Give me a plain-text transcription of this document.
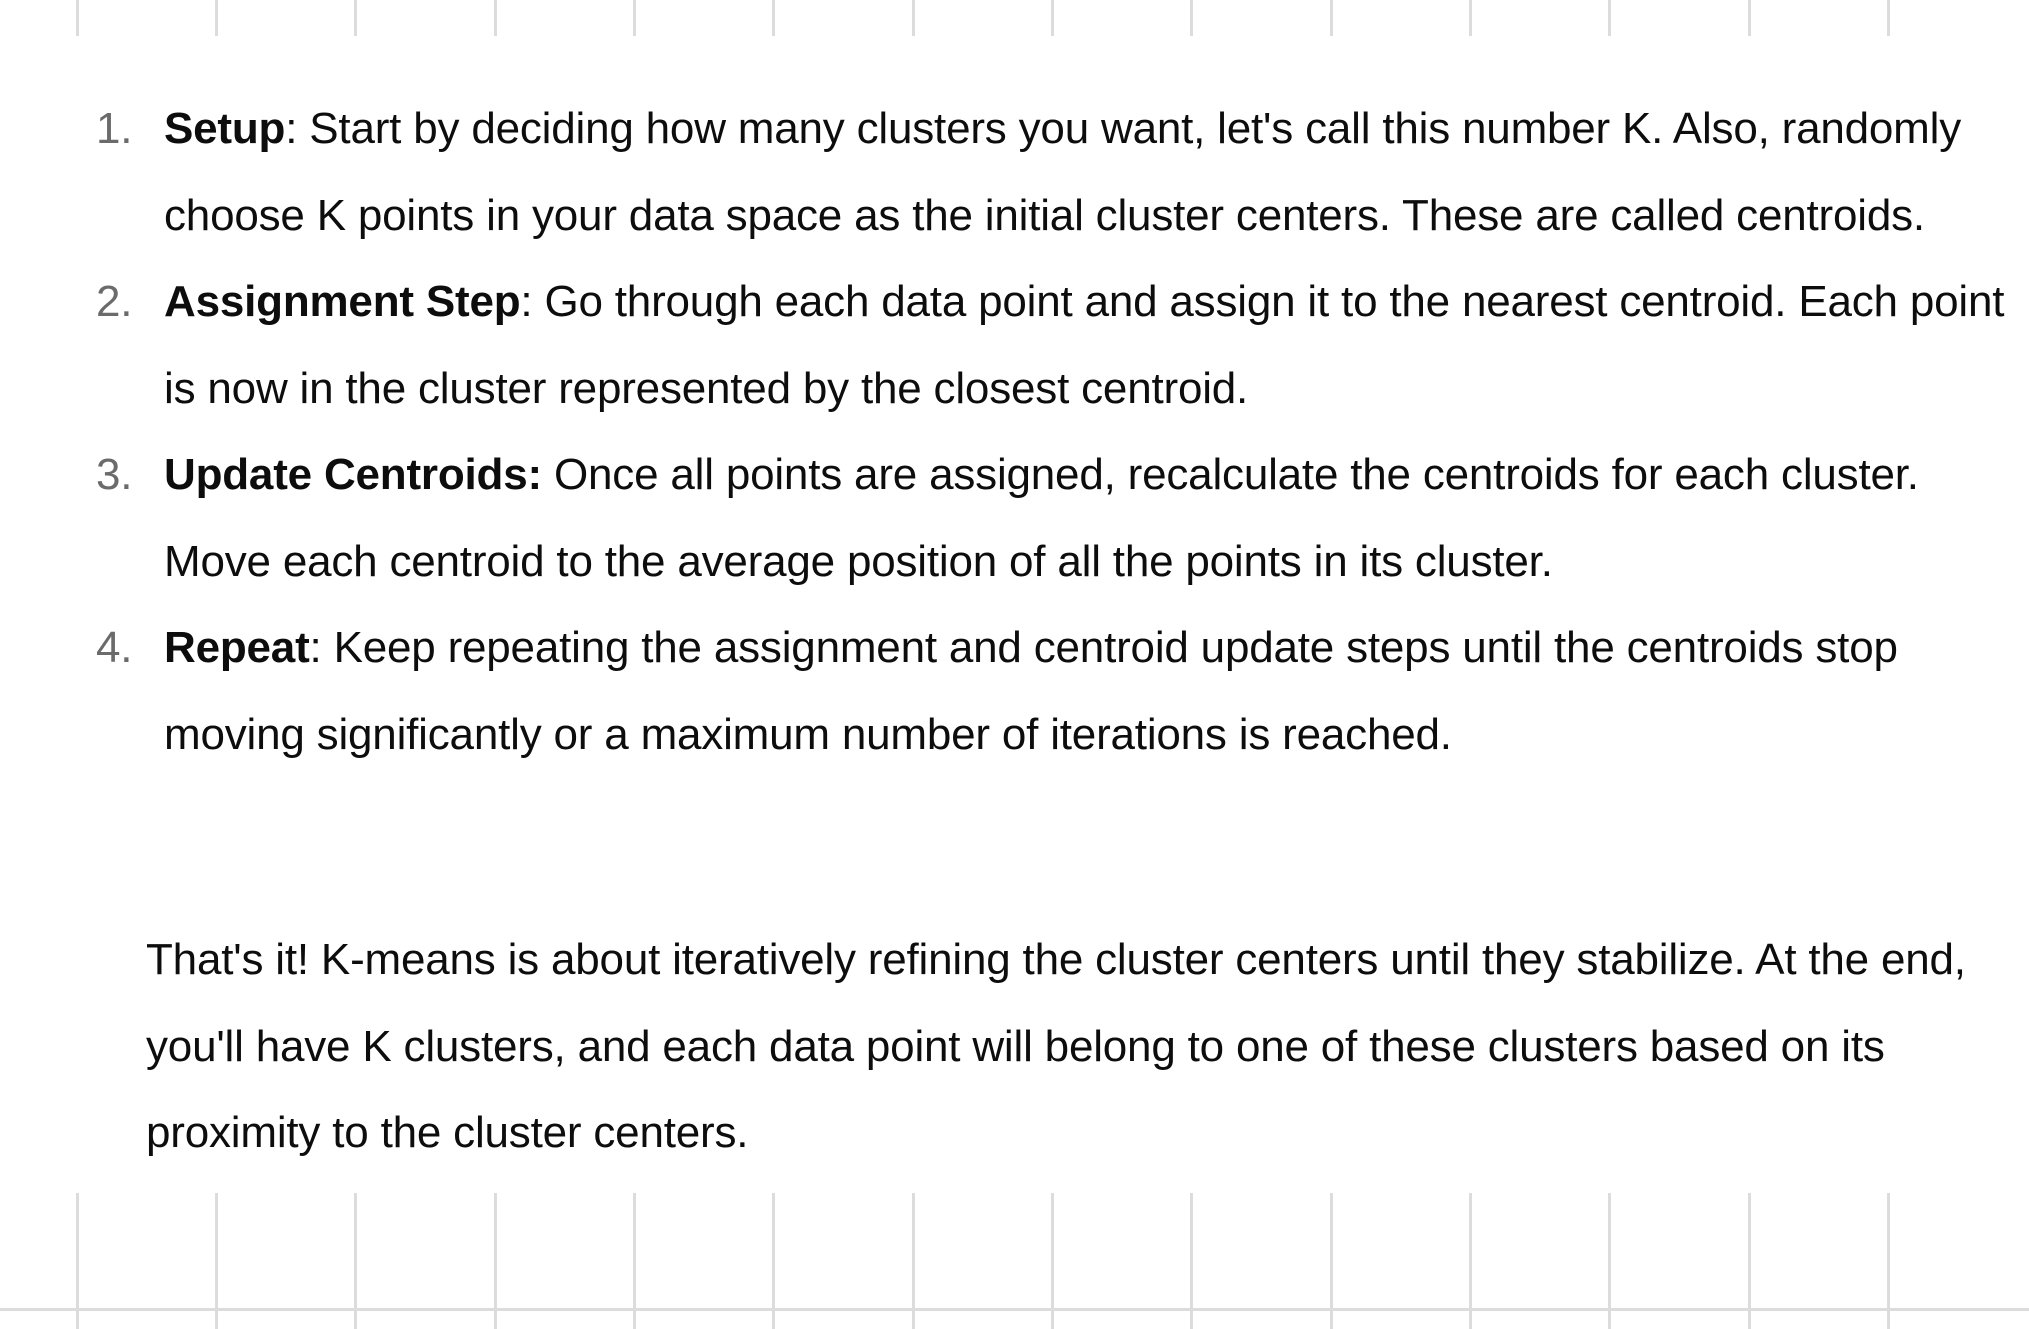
1. Setup: Start by deciding how many clusters you want, let's call this number K. Also, randomly choose K points in your data space as the initial cluster centers. These are called centroids.
2. Assignment Step: Go through each data point and assign it to the nearest centroid. Each point is now in the cluster represented by the closest centroid.
3. Update Centroids: Once all points are assigned, recalculate the centroids for each cluster. Move each centroid to the average position of all the points in its cluster.
4. Repeat: Keep repeating the assignment and centroid update steps until the centroids stop moving significantly or a maximum number of iterations is reached.

That's it! K-means is about iteratively refining the cluster centers until they stabilize. At the end, you'll have K clusters, and each data point will belong to one of these clusters based on its proximity to the cluster centers.
